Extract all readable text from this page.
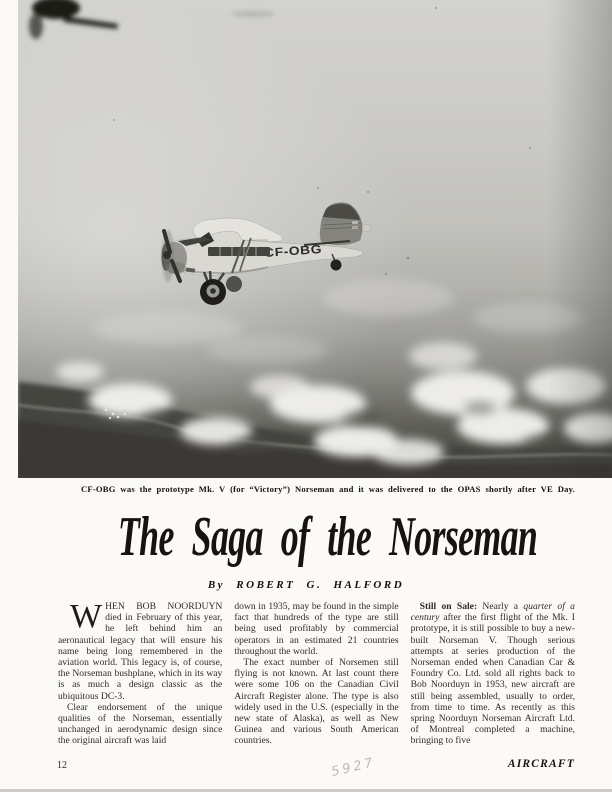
CF-OBG

CF-OBG was the prototype Mk. V (for “Victory”) Norseman and it was delivered to the OPAS shortly after VE Day.

The Saga of the Norseman
By ROBERT G. HALFORD

WHEN BOB NOORDUYN died in February of this year, he left behind him an aeronautical legacy that will ensure his name being long remembered in the aviation world. This legacy is, of course, the Norseman bushplane, which in its way is as much a design classic as the ubiquitous DC-3.

Clear endorsement of the unique qualities of the Norseman, essentially unchanged in aerodynamic design since the original aircraft was laid

down in 1935, may be found in the simple fact that hundreds of the type are still being used profitably by commercial operators in an estimated 21 countries throughout the world.

The exact number of Norsemen still flying is not known. At last count there were some 106 on the Canadian Civil Aircraft Register alone. The type is also widely used in the U.S. (especially in the new state of Alaska), as well as New Guinea and various South American countries.

Still on Sale: Nearly a quarter of a century after the first flight of the Mk. I prototype, it is still possible to buy a new-built Norseman V. Though serious attempts at series production of the Norseman ended when Canadian Car & Foundry Co. Ltd. sold all rights back to Bob Noorduyn in 1953, new aircraft are still being assembled, usually to order, from time to time. As recently as this spring Noorduyn Norseman Aircraft Ltd. of Montreal completed a machine, bringing to five

12	AIRCRAFT
5927
